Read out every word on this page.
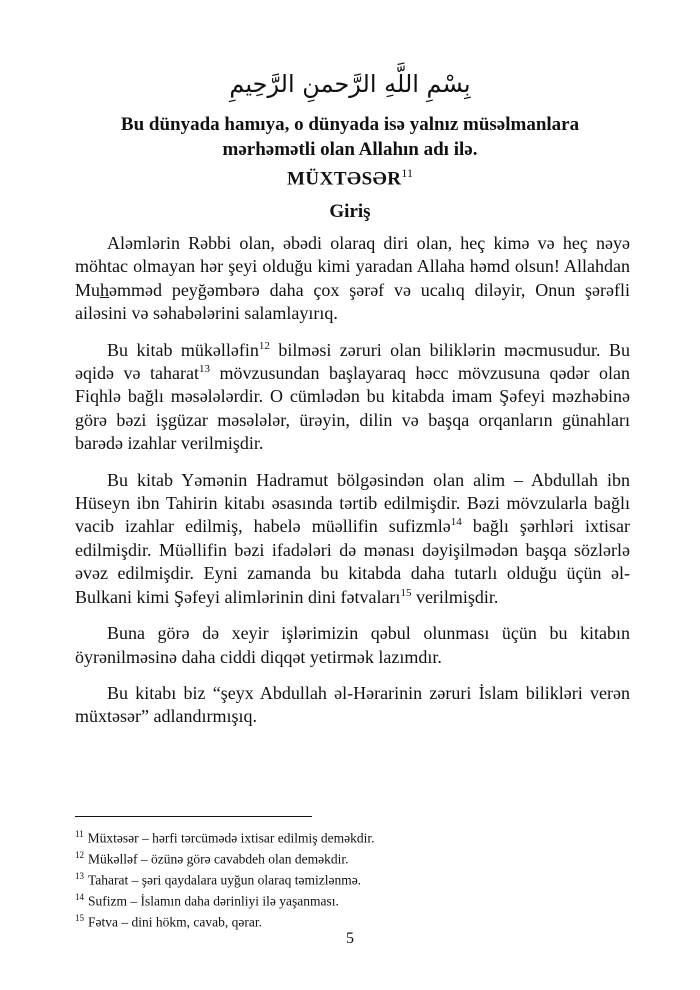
بِسْمِ اللَّهِ الرَّحمنِ الرَّحِيمِ
Bu dünyada hamıya, o dünyada isə yalnız müsəlmanlara
mərhəmətli olan Allahın adı ilə.
MÜXTƏSƏR$^{11}$
Giriş

Aləmlərin Rəbbi olan, əbədi olaraq diri olan, heç kimə və heç nəyə möhtac olmayan hər şeyi olduğu kimi yaradan Allaha həmd olsun! Allahdan Muhəmməd peyğəmbərə daha çox şərəf və ucalıq diləyir, Onun şərəfli ailəsini və səhabələrini salamlayırıq.

Bu kitab mükəlləfin$^{12}$ bilməsi zəruri olan biliklərin məcmusudur. Bu əqidə və taharat$^{13}$ mövzusundan başlayaraq həcc mövzusuna qədər olan Fiqhlə bağlı məsələlərdir. O cümlədən bu kitabda imam Şəfeyi məzhəbinə görə bəzi işgüzar məsələlər, ürəyin, dilin və başqa orqanların günahları barədə izahlar verilmişdir.

Bu kitab Yəmənin Hadramut bölgəsindən olan alim – Abdullah ibn Hüseyn ibn Tahirin kitabı əsasında tərtib edilmişdir. Bəzi mövzularla bağlı vacib izahlar edilmiş, habelə müəllifin sufizmlə$^{14}$ bağlı şərhləri ixtisar edilmişdir. Müəllifin bəzi ifadələri də mənası dəyişilmədən başqa sözlərlə əvəz edilmişdir. Eyni zamanda bu kitabda daha tutarlı olduğu üçün əl-Bulkani kimi Şəfeyi alimlərinin dini fətvaları$^{15}$ verilmişdir.

Buna görə də xeyir işlərimizin qəbul olunması üçün bu kitabın öyrənilməsinə daha ciddi diqqət yetirmək lazımdır.

Bu kitabı biz “şeyx Abdullah əl-Hərarinin zəruri İslam bilikləri verən müxtəsər” adlandırmışıq.

$^{11}$ Müxtəsər – hərfi tərcümədə ixtisar edilmiş deməkdir.
$^{12}$ Mükəlləf – özünə görə cavabdeh olan deməkdir.
$^{13}$ Taharat – şəri qaydalara uyğun olaraq təmizlənmə.
$^{14}$ Sufizm – İslamın daha dərinliyi ilə yaşanması.
$^{15}$ Fətva – dini hökm, cavab, qərar.
5
